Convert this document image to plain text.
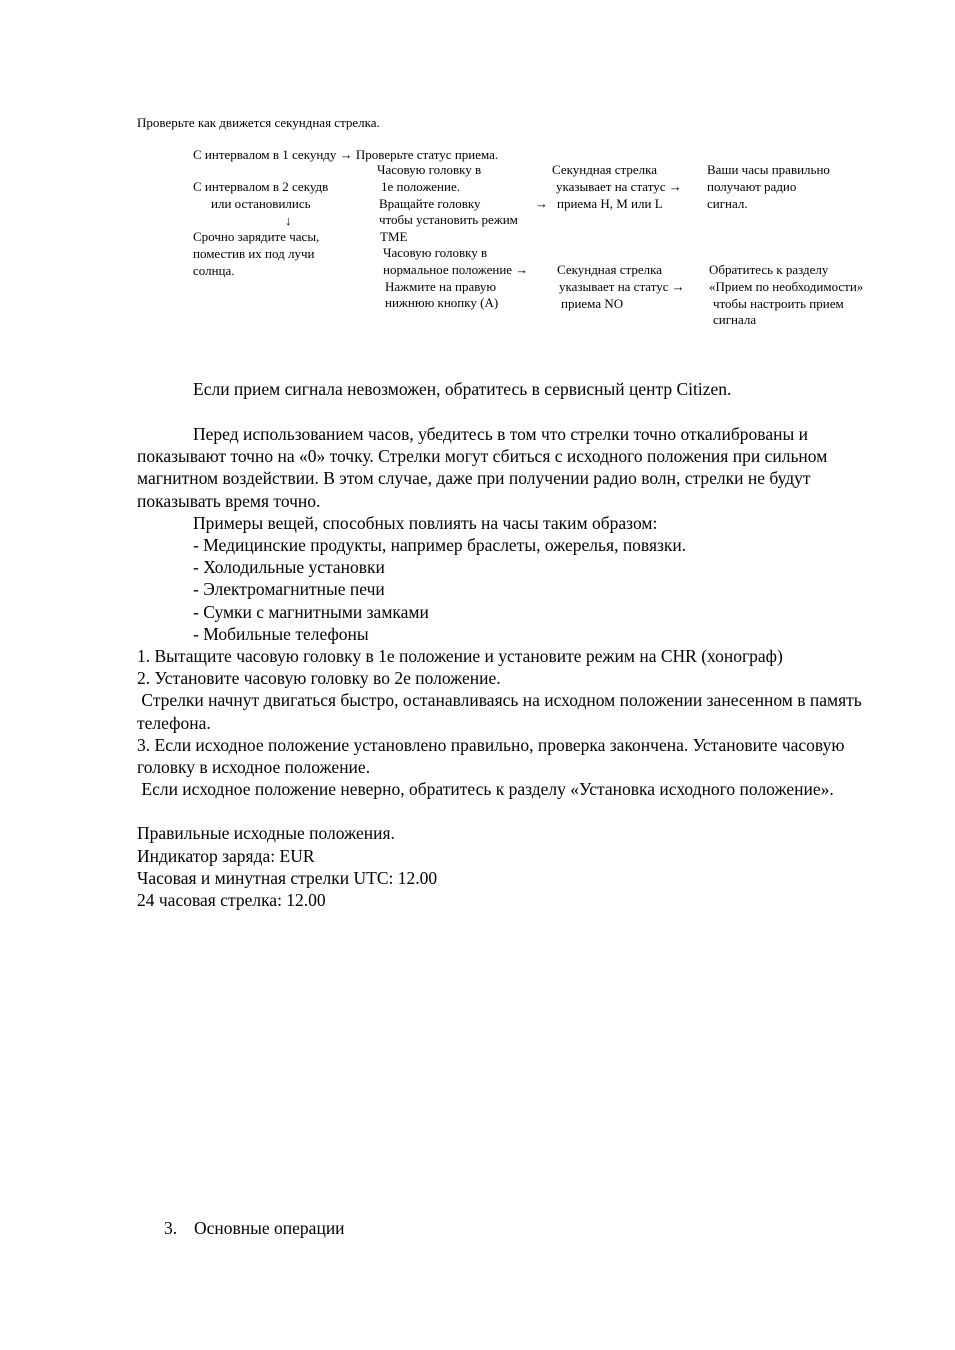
Проверьте как движется секундная стрелка.
С интервалом в 1 секунду → Проверьте статус приема.
С интервалом в 2 секудв
или остановились
↓
Срочно зарядите часы,
поместив их под лучи
солнца.
Часовую головку в
1е положение.
Вращайте головку
чтобы установить режим
TME
→
Секундная стрелка
указывает на статус →
приема H, M или L
Ваши часы правильно
получают радио
сигнал.
Часовую головку в
нормальное положение →
Нажмите на правую
нижнюю кнопку (A)
Секундная стрелка
указывает на статус →
приема NO
Обратитесь к разделу
«Прием по необходимости»
чтобы настроить прием
сигнала

Если прием сигнала невозможен, обратитесь в сервисный центр Citizen.

Перед использованием часов, убедитесь в том что стрелки точно откалиброваны и показывают точно на «0» точку. Стрелки могут сбиться с исходного положения при сильном магнитном воздействии. В этом случае, даже при получении радио волн, стрелки не будут показывать время точно.

Примеры вещей, способных повлиять на часы таким образом:

- Медицинские продукты, например браслеты, ожерелья, повязки.

- Холодильные установки

- Электромагнитные печи

- Сумки с магнитными замками

- Мобильные телефоны

1. Вытащите часовую головку в 1е положение и установите режим на CHR (хонограф)

2. Установите часовую головку во 2е положение.

Стрелки начнут двигаться быстро, останавливаясь на исходном положении занесенном в память телефона.

3. Если исходное положение установлено правильно, проверка закончена. Установите часовую головку в исходное положение.

Если исходное положение неверно, обратитесь к разделу «Установка исходного положение».

Правильные исходные положения.

Индикатор заряда: EUR

Часовая и минутная стрелки UTC: 12.00

24 часовая стрелка: 12.00

3. Основные операции
